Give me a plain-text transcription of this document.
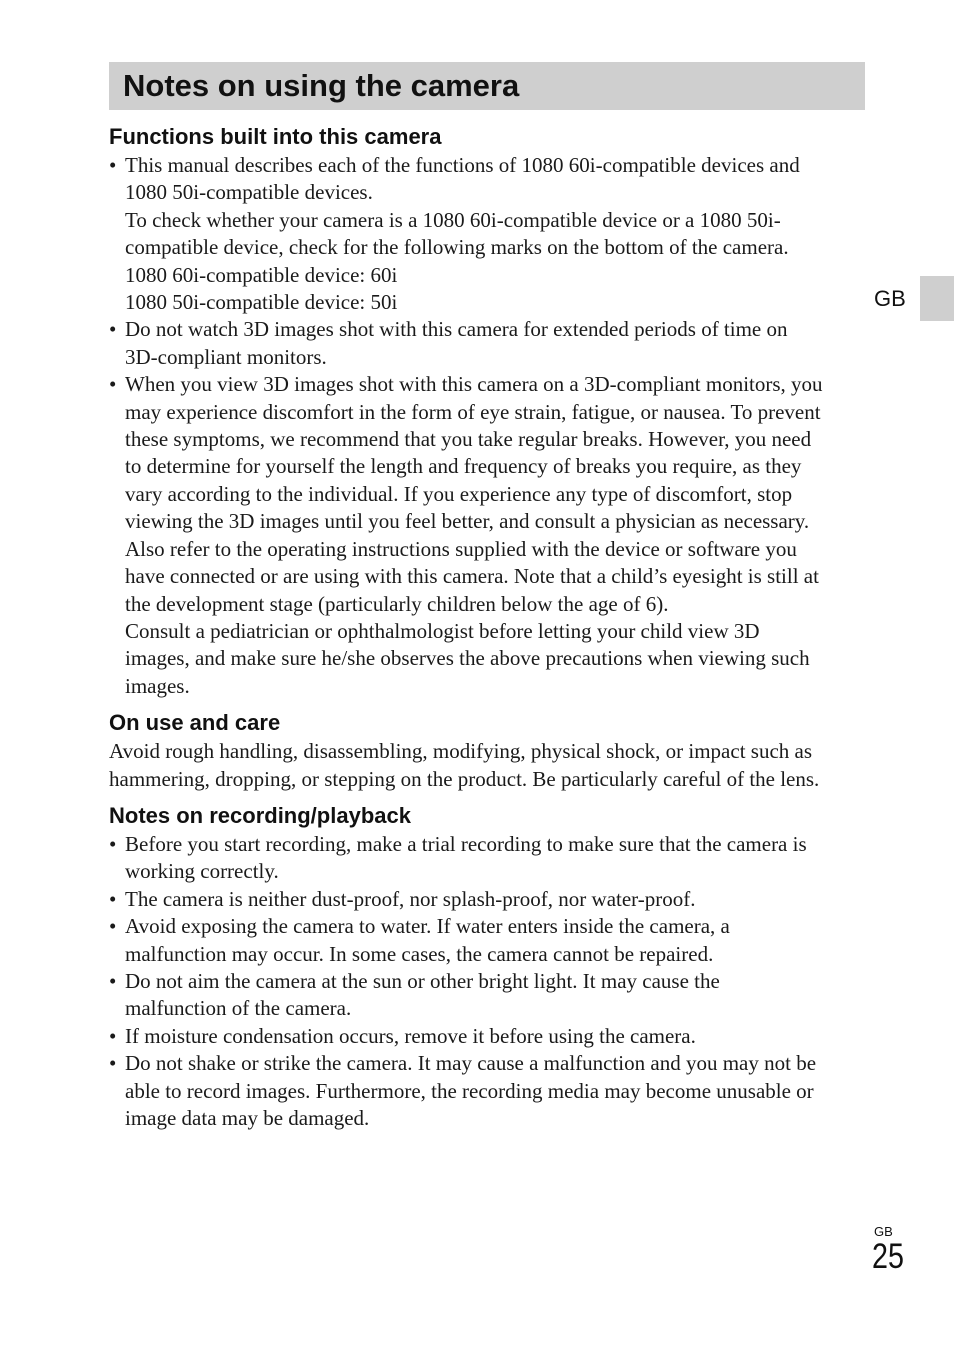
Notes on using the camera
GB
Functions built into this camera
• This manual describes each of the functions of 1080 60i-compatible devices and
1080 50i-compatible devices.
To check whether your camera is a 1080 60i-compatible device or a 1080 50i-
compatible device, check for the following marks on the bottom of the camera.
1080 60i-compatible device: 60i
1080 50i-compatible device: 50i
• Do not watch 3D images shot with this camera for extended periods of time on
3D-compliant monitors.
• When you view 3D images shot with this camera on a 3D-compliant monitors, you
may experience discomfort in the form of eye strain, fatigue, or nausea. To prevent
these symptoms, we recommend that you take regular breaks. However, you need
to determine for yourself the length and frequency of breaks you require, as they
vary according to the individual. If you experience any type of discomfort, stop
viewing the 3D images until you feel better, and consult a physician as necessary.
Also refer to the operating instructions supplied with the device or software you
have connected or are using with this camera. Note that a child’s eyesight is still at
the development stage (particularly children below the age of 6).
Consult a pediatrician or ophthalmologist before letting your child view 3D
images, and make sure he/she observes the above precautions when viewing such
images.
On use and care

Avoid rough handling, disassembling, modifying, physical shock, or impact such as
hammering, dropping, or stepping on the product. Be particularly careful of the lens.

Notes on recording/playback
• Before you start recording, make a trial recording to make sure that the camera is
working correctly.
• The camera is neither dust-proof, nor splash-proof, nor water-proof.
• Avoid exposing the camera to water. If water enters inside the camera, a
malfunction may occur. In some cases, the camera cannot be repaired.
• Do not aim the camera at the sun or other bright light. It may cause the
malfunction of the camera.
• If moisture condensation occurs, remove it before using the camera.
• Do not shake or strike the camera. It may cause a malfunction and you may not be
able to record images. Furthermore, the recording media may become unusable or
image data may be damaged.
GB
25
